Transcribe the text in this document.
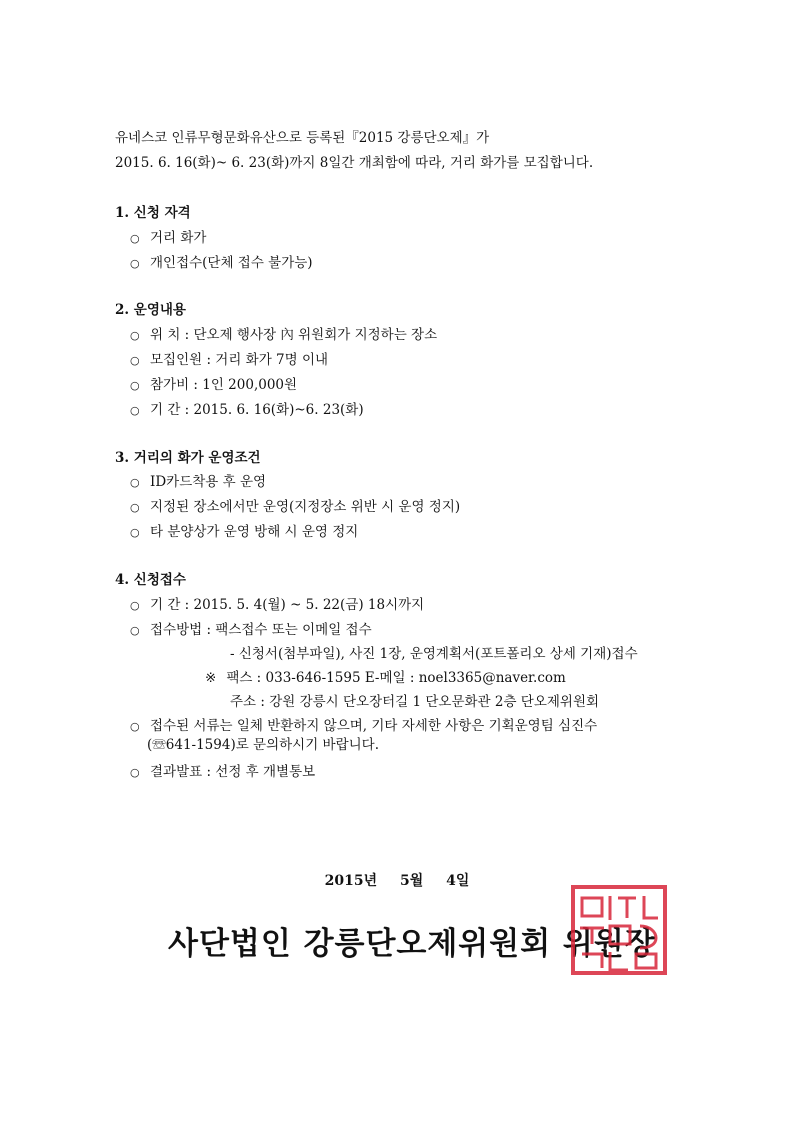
유네스코 인류무형문화유산으로 등록된『2015 강릉단오제』가
2015. 6. 16(화)~ 6. 23(화)까지 8일간 개최함에 따라, 거리 화가를 모집합니다.
1. 신청 자격
○ 거리 화가
○ 개인접수(단체 접수 불가능)
2. 운영내용
○ 위 치 : 단오제 행사장 內 위원회가 지정하는 장소
○ 모집인원 : 거리 화가 7명 이내
○ 참가비 : 1인 200,000원
○ 기 간 : 2015. 6. 16(화)~6. 23(화)
3. 거리의 화가 운영조건
○ ID카드착용 후 운영
○ 지정된 장소에서만 운영(지정장소 위반 시 운영 정지)
○ 타 분양상가 운영 방해 시 운영 정지
4. 신청접수
○ 기 간 : 2015. 5. 4(월) ~ 5. 22(금) 18시까지
○ 접수방법 : 팩스접수 또는 이메일 접수
- 신청서(첨부파일), 사진 1장, 운영계획서(포트폴리오 상세 기재)접수
※ 팩스 : 033-646-1595 E-메일 : noel3365@naver.com
주소 : 강원 강릉시 단오장터길 1 단오문화관 2층 단오제위원회
○ 접수된 서류는 일체 반환하지 않으며, 기타 자세한 사항은 기획운영팀 심진수
(☏641-1594)로 문의하시기 바랍니다.
○ 결과발표 : 선정 후 개별통보
2015년 5월 4일
사단법인 강릉단오제위원회 위원장
